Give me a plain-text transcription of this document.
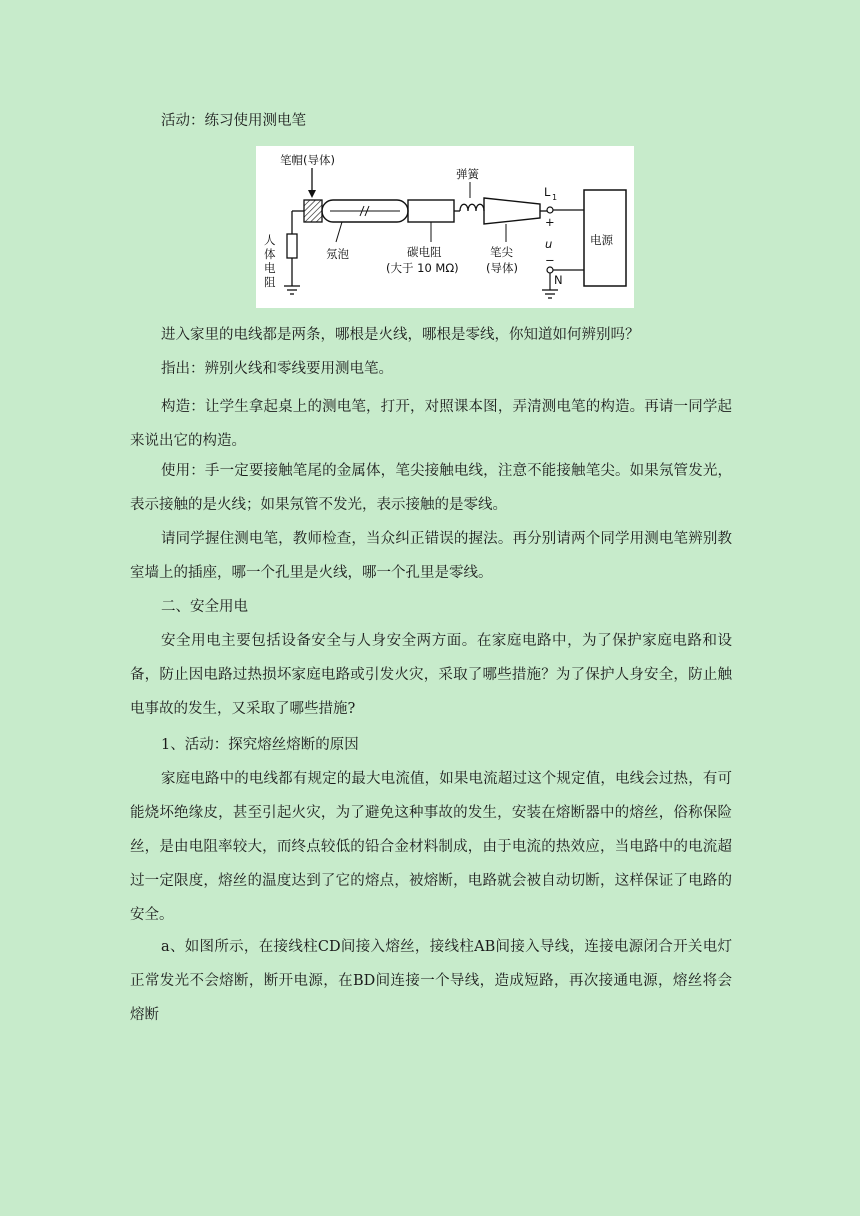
活动：练习使用测电笔

笔帽(导体)
氖泡	碳电阻
(大于 10 MΩ)
弹簧
笔尖
(导体)
L 1
+
u
−
N
电源
人
体
电
阻

进入家里的电线都是两条，哪根是火线，哪根是零线，你知道如何辨别吗？

指出：辨别火线和零线要用测电笔。

构造：让学生拿起桌上的测电笔，打开，对照课本图，弄清测电笔的构造。再请一同学起来说出它的构造。

使用：手一定要接触笔尾的金属体，笔尖接触电线，注意不能接触笔尖。如果氖管发光，表示接触的是火线；如果氖管不发光，表示接触的是零线。

请同学握住测电笔，教师检查，当众纠正错误的握法。再分别请两个同学用测电笔辨别教室墙上的插座，哪一个孔里是火线，哪一个孔里是零线。

二、安全用电

安全用电主要包括设备安全与人身安全两方面。在家庭电路中，为了保护家庭电路和设备，防止因电路过热损坏家庭电路或引发火灾，采取了哪些措施？为了保护人身安全，防止触电事故的发生，又采取了哪些措施?

1、活动：探究熔丝熔断的原因

家庭电路中的电线都有规定的最大电流值，如果电流超过这个规定值，电线会过热，有可能烧坏绝缘皮，甚至引起火灾，为了避免这种事故的发生，安装在熔断器中的熔丝，俗称保险丝，是由电阻率较大，而终点较低的铅合金材料制成，由于电流的热效应，当电路中的电流超过一定限度，熔丝的温度达到了它的熔点，被熔断，电路就会被自动切断，这样保证了电路的安全。

a、如图所示，在接线柱CD间接入熔丝，接线柱AB间接入导线，连接电源闭合开关电灯正常发光不会熔断，断开电源，在BD间连接一个导线，造成短路，再次接通电源，熔丝将会熔断
